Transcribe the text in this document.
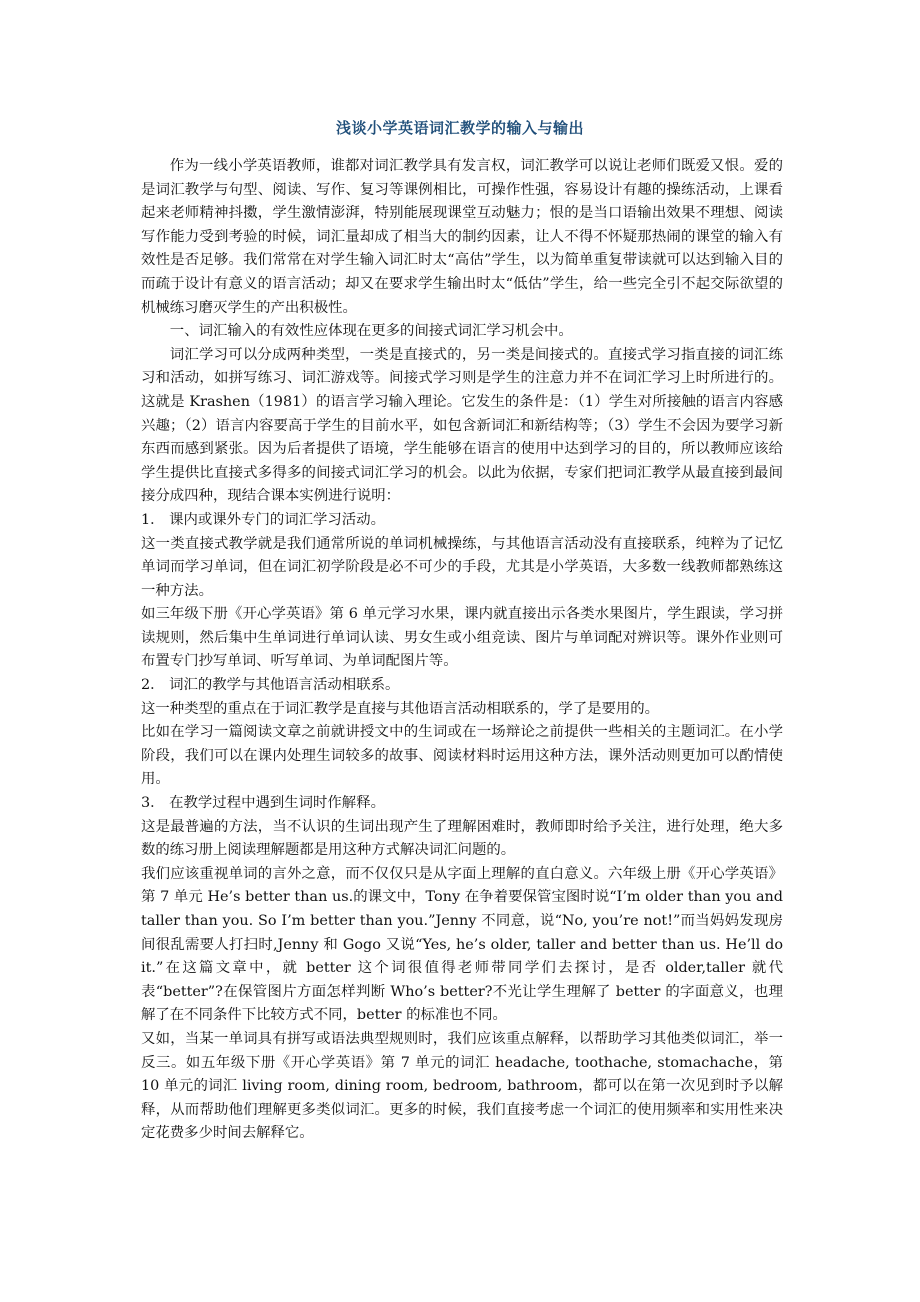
浅谈小学英语词汇教学的输入与输出

作为一线小学英语教师，谁都对词汇教学具有发言权，词汇教学可以说让老师们既爱又恨。爱的是词汇教学与句型、阅读、写作、复习等课例相比，可操作性强，容易设计有趣的操练活动，上课看起来老师精神抖擞，学生激情澎湃，特别能展现课堂互动魅力；恨的是当口语输出效果不理想、阅读写作能力受到考验的时候，词汇量却成了相当大的制约因素，让人不得不怀疑那热闹的课堂的输入有效性是否足够。我们常常在对学生输入词汇时太“高估”学生，以为简单重复带读就可以达到输入目的而疏于设计有意义的语言活动；却又在要求学生输出时太“低估”学生，给一些完全引不起交际欲望的机械练习磨灭学生的产出积极性。

一、词汇输入的有效性应体现在更多的间接式词汇学习机会中。

词汇学习可以分成两种类型，一类是直接式的，另一类是间接式的。直接式学习指直接的词汇练习和活动，如拼写练习、词汇游戏等。间接式学习则是学生的注意力并不在词汇学习上时所进行的。这就是 Krashen（1981）的语言学习输入理论。它发生的条件是：（1）学生对所接触的语言内容感兴趣；（2）语言内容要高于学生的目前水平，如包含新词汇和新结构等；（3）学生不会因为要学习新东西而感到紧张。因为后者提供了语境，学生能够在语言的使用中达到学习的目的，所以教师应该给学生提供比直接式多得多的间接式词汇学习的机会。以此为依据，专家们把词汇教学从最直接到最间接分成四种，现结合课本实例进行说明：

1． 课内或课外专门的词汇学习活动。

这一类直接式教学就是我们通常所说的单词机械操练，与其他语言活动没有直接联系，纯粹为了记忆单词而学习单词，但在词汇初学阶段是必不可少的手段，尤其是小学英语，大多数一线教师都熟练这一种方法。

如三年级下册《开心学英语》第 6 单元学习水果，课内就直接出示各类水果图片，学生跟读，学习拼读规则，然后集中生单词进行单词认读、男女生或小组竞读、图片与单词配对辨识等。课外作业则可布置专门抄写单词、听写单词、为单词配图片等。

2． 词汇的教学与其他语言活动相联系。

这一种类型的重点在于词汇教学是直接与其他语言活动相联系的，学了是要用的。

比如在学习一篇阅读文章之前就讲授文中的生词或在一场辩论之前提供一些相关的主题词汇。在小学阶段，我们可以在课内处理生词较多的故事、阅读材料时运用这种方法，课外活动则更加可以酌情使用。

3． 在教学过程中遇到生词时作解释。

这是最普遍的方法，当不认识的生词出现产生了理解困难时，教师即时给予关注，进行处理，绝大多数的练习册上阅读理解题都是用这种方式解决词汇问题的。

我们应该重视单词的言外之意，而不仅仅只是从字面上理解的直白意义。六年级上册《开心学英语》第 7 单元 He’s better than us.的课文中，Tony 在争着要保管宝图时说“I’m older than you and taller than you. So I’m better than you.”Jenny 不同意，说“No, you’re not!”而当妈妈发现房间很乱需要人打扫时,Jenny 和 Gogo 又说“Yes, he’s older, taller and better than us. He’ll do it.”在这篇文章中，就 better 这个词很值得老师带同学们去探讨，是否 older,taller 就代表“better”?在保管图片方面怎样判断 Who’s better?不光让学生理解了 better 的字面意义，也理解了在不同条件下比较方式不同，better 的标准也不同。

又如，当某一单词具有拼写或语法典型规则时，我们应该重点解释，以帮助学习其他类似词汇，举一反三。如五年级下册《开心学英语》第 7 单元的词汇 headache, toothache, stomachache，第 10 单元的词汇 living room, dining room, bedroom, bathroom，都可以在第一次见到时予以解释，从而帮助他们理解更多类似词汇。更多的时候，我们直接考虑一个词汇的使用频率和实用性来决定花费多少时间去解释它。
